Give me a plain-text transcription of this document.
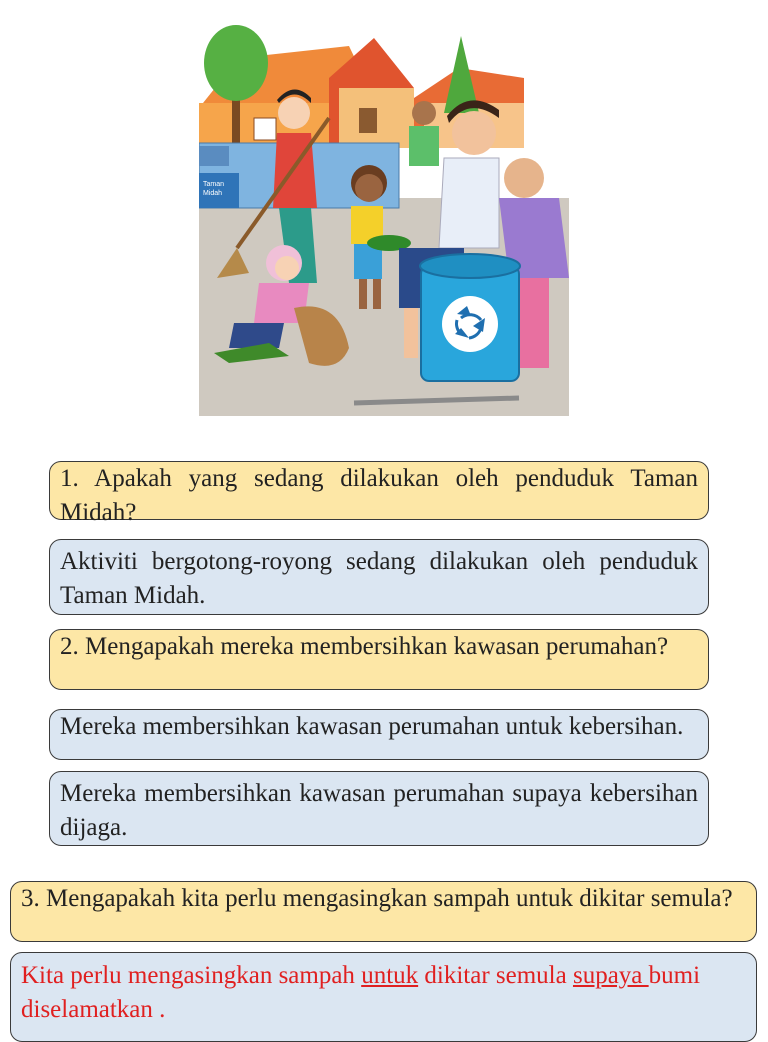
Taman
Midah
1. Apakah yang sedang dilakukan oleh penduduk Taman Midah?
Aktiviti bergotong-royong sedang dilakukan oleh penduduk Taman Midah.
2. Mengapakah mereka membersihkan kawasan perumahan?
Mereka membersihkan kawasan perumahan untuk kebersihan.
Mereka membersihkan kawasan perumahan supaya kebersihan dijaga.
3. Mengapakah kita perlu mengasingkan sampah untuk dikitar semula?
Kita perlu mengasingkan sampah untuk dikitar semula supaya bumi diselamatkan .
